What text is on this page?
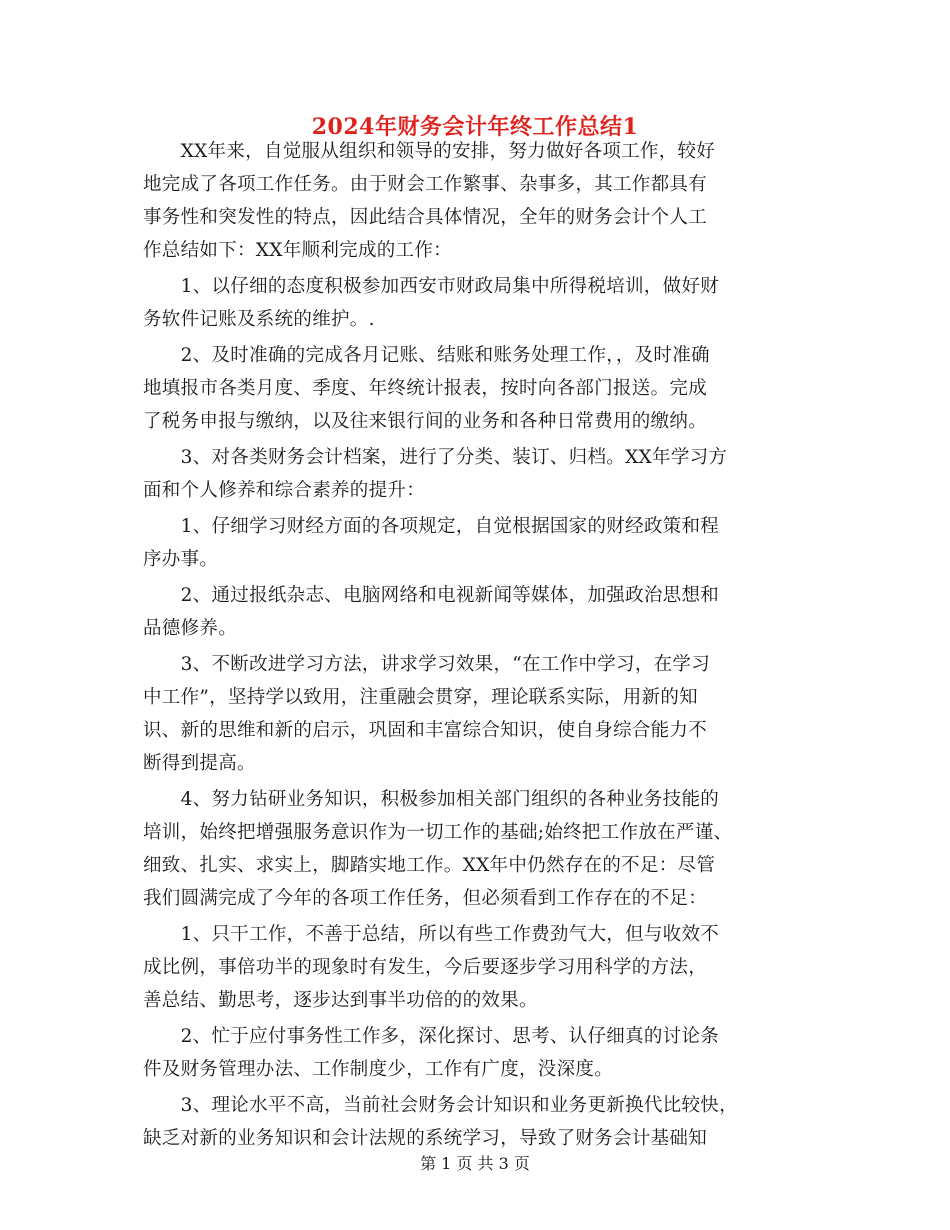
2024年财务会计年终工作总结1
　　XX年来，自觉服从组织和领导的安排，努力做好各项工作，较好
地完成了各项工作任务。由于财会工作繁事、杂事多，其工作都具有
事务性和突发性的特点，因此结合具体情况，全年的财务会计个人工
作总结如下：XX年顺利完成的工作：
　　1、以仔细的态度积极参加西安市财政局集中所得税培训，做好财
务软件记账及系统的维护。.
　　2、及时准确的完成各月记账、结账和账务处理工作，，及时准确
地填报市各类月度、季度、年终统计报表，按时向各部门报送。完成
了税务申报与缴纳，以及往来银行间的业务和各种日常费用的缴纳。
　　3、对各类财务会计档案，进行了分类、装订、归档。XX年学习方
面和个人修养和综合素养的提升：
　　1、仔细学习财经方面的各项规定，自觉根据国家的财经政策和程
序办事。
　　2、通过报纸杂志、电脑网络和电视新闻等媒体，加强政治思想和
品德修养。
　　3、不断改进学习方法，讲求学习效果，“在工作中学习，在学习
中工作”，坚持学以致用，注重融会贯穿，理论联系实际，用新的知
识、新的思维和新的启示，巩固和丰富综合知识，使自身综合能力不
断得到提高。
　　4、努力钻研业务知识，积极参加相关部门组织的各种业务技能的
培训，始终把增强服务意识作为一切工作的基础;始终把工作放在严谨、
细致、扎实、求实上，脚踏实地工作。XX年中仍然存在的不足：尽管
我们圆满完成了今年的各项工作任务，但必须看到工作存在的不足：
　　1、只干工作，不善于总结，所以有些工作费劲气大，但与收效不
成比例，事倍功半的现象时有发生，今后要逐步学习用科学的方法，
善总结、勤思考，逐步达到事半功倍的的效果。
　　2、忙于应付事务性工作多，深化探讨、思考、认仔细真的讨论条
件及财务管理办法、工作制度少，工作有广度，没深度。
　　3、理论水平不高，当前社会财务会计知识和业务更新换代比较快，
缺乏对新的业务知识和会计法规的系统学习，导致了财务会计基础知
第 1 页 共 3 页
